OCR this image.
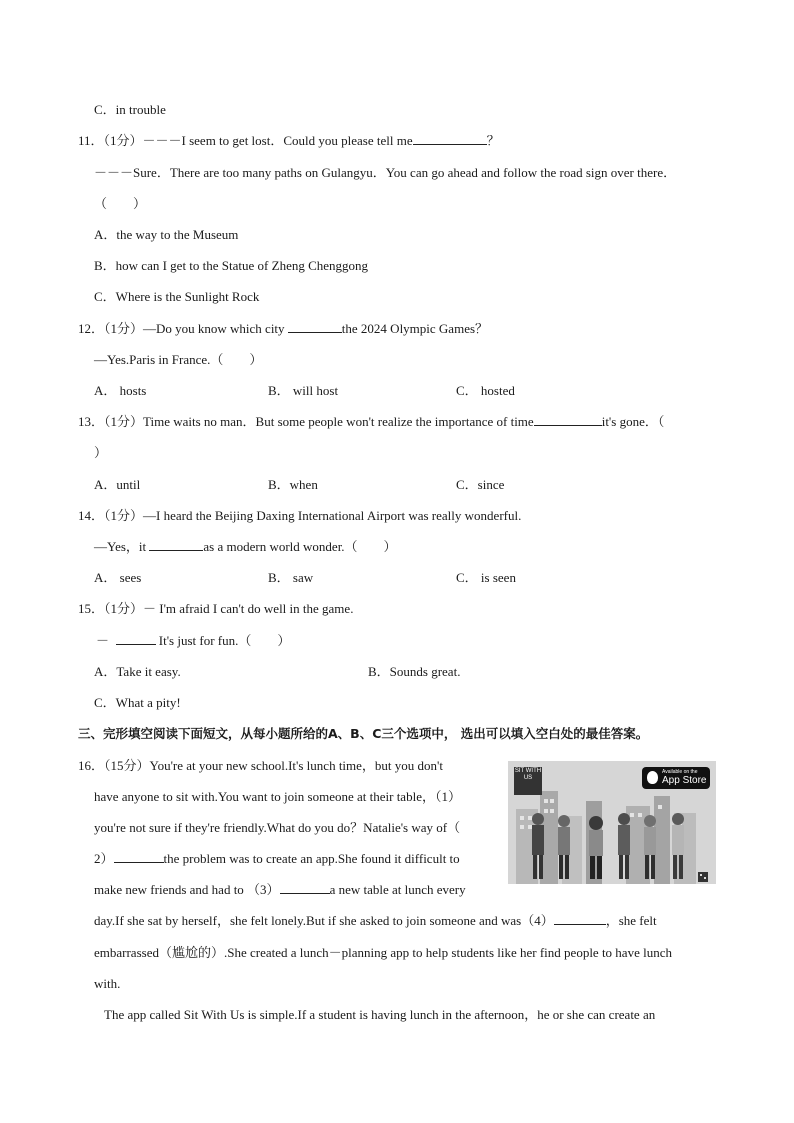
C．in trouble
11．（1分）－－－I seem to get lost．Could you please tell me	？
－－－Sure．There are too many paths on Gulangyu．You can go ahead and follow the road sign over there．
（　　）
A．the way to the Museum
B．how can I get to the Statue of Zheng Chenggong
C．Where is the Sunlight Rock
12．（1分）—Do you know which city	the 2024 Olympic Games？
—Yes.Paris in France.（　　）
A． hosts	B． will host	C． hosted
13．（1分）Time waits no man．But some people won't realize the importance of time	it's gone．（
）
A．until	B．when	C．since
14．（1分）—I heard the Beijing Daxing International Airport was really wonderful.
—Yes，it	as a modern world wonder.（　　）
A． sees	B． saw	C． is seen
15．（1分）－ I'm afraid I can't do well in the game.
－	It's just for fun.（　　）
A．Take it easy.	B．Sounds great.
C．What a pity!
三、完形填空阅读下面短文，从每小题所给的A、B、C三个选项中， 选出可以填入空白处的最佳答案。
16．（15分）You're at your new school.It's lunch time，but you don't
have anyone to sit with.You want to join someone at their table，（1）
you're not sure if they're friendly.What do you do？Natalie's way of（
2）	the problem was to create an app.She found it difficult to
make new friends and had to （3）	a new table at lunch every
day.If she sat by herself，she felt lonely.But if she asked to join someone and was（4）	，she felt
embarrassed（尴尬的）.She created a lunch－planning app to help students like her find people to have lunch
with.
The app called Sit With Us is simple.If a student is having lunch in the afternoon，he or she can create an
SIT WITH US
Available on the
App Store
